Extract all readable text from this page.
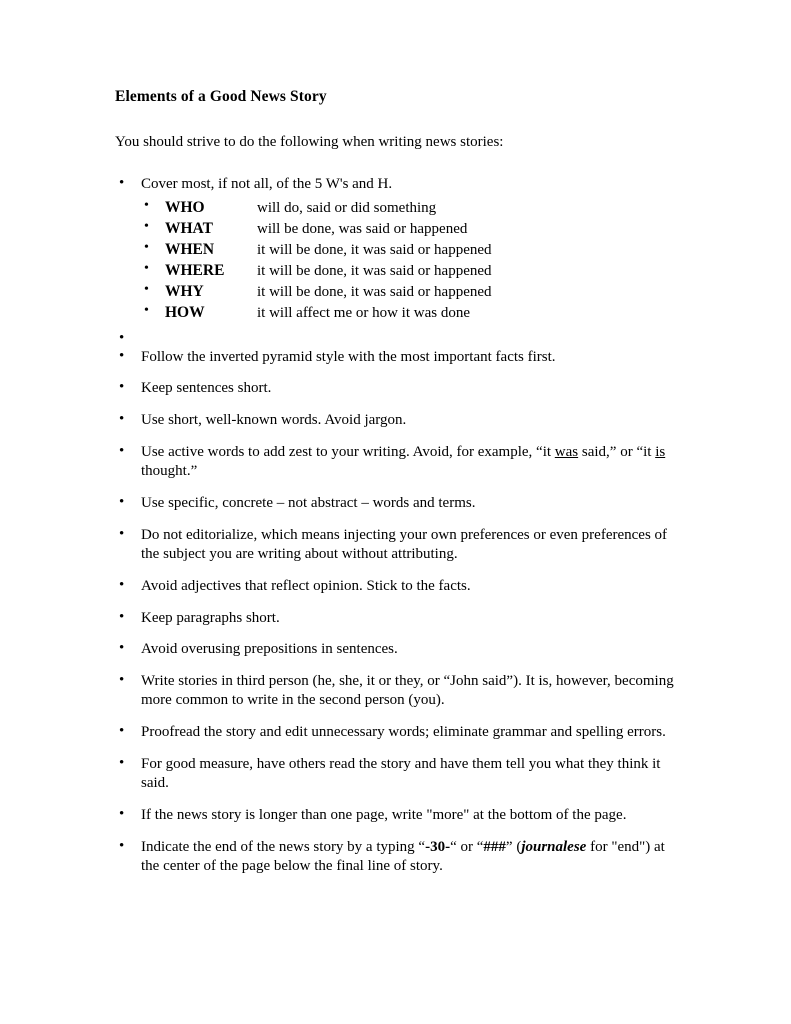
Elements of a Good News Story

You should strive to do the following when writing news stories:

• Cover most, if not all, of the 5 W's and H.
• WHO	will do, said or did something
• WHAT	will be done, was said or happened
• WHEN	it will be done, it was said or happened
• WHERE it will be done, it was said or happened
• WHY	it will be done, it was said or happened
• HOW	it will affect me or how it was done
•
• Follow the inverted pyramid style with the most important facts first.
• Keep sentences short.
• Use short, well-known words. Avoid jargon.
• Use active words to add zest to your writing. Avoid, for example, “it was said,” or “it is thought.”
• Use specific, concrete – not abstract – words and terms.
• Do not editorialize, which means injecting your own preferences or even preferences of the subject you are writing about without attributing.
• Avoid adjectives that reflect opinion. Stick to the facts.
• Keep paragraphs short.
• Avoid overusing prepositions in sentences.
• Write stories in third person (he, she, it or they, or “John said”). It is, however, becoming more common to write in the second person (you).
• Proofread the story and edit unnecessary words; eliminate grammar and spelling errors.
• For good measure, have others read the story and have them tell you what they think it said.
• If the news story is longer than one page, write "more" at the bottom of the page.
• Indicate the end of the news story by a typing “-30-“ or “###” (journalese for "end") at the center of the page below the final line of story.
